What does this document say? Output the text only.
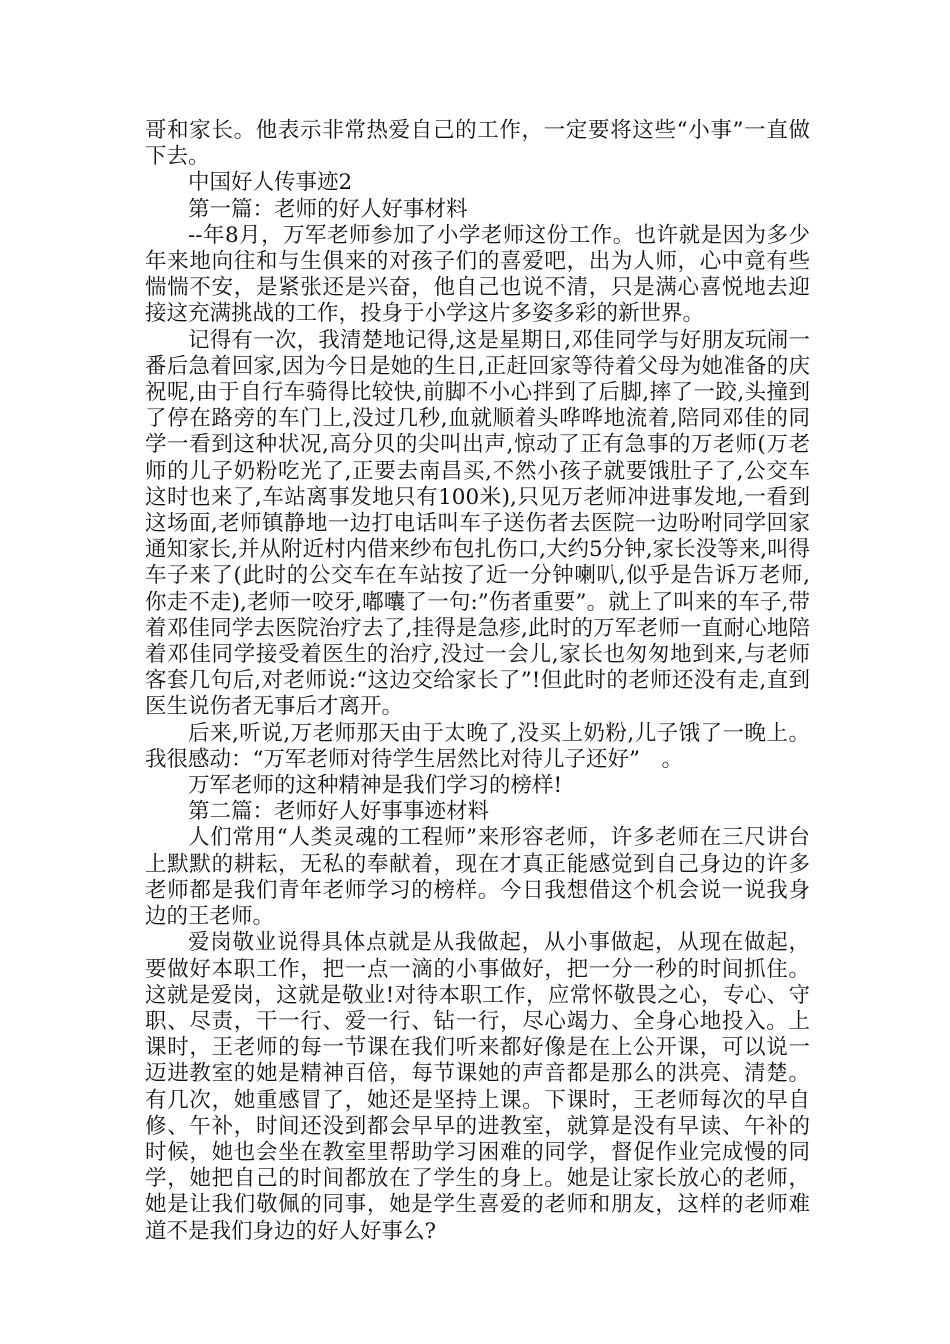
哥和家长。他表示非常热爱自己的工作，一定要将这些“小事”一直做下去。

中国好人传事迹2

第一篇：老师的好人好事材料

--年8月，万军老师参加了小学老师这份工作。也许就是因为多少年来地向往和与生俱来的对孩子们的喜爱吧，出为人师，心中竟有些惴惴不安，是紧张还是兴奋，他自己也说不清，只是满心喜悦地去迎接这充满挑战的工作，投身于小学这片多姿多彩的新世界。

记得有一次，我清楚地记得,这是星期日,邓佳同学与好朋友玩闹一番后急着回家,因为今日是她的生日,正赶回家等待着父母为她准备的庆祝呢,由于自行车骑得比较快,前脚不小心拌到了后脚,摔了一跤,头撞到了停在路旁的车门上,没过几秒,血就顺着头哗哗地流着,陪同邓佳的同学一看到这种状况,高分贝的尖叫出声,惊动了正有急事的万老师(万老师的儿子奶粉吃光了,正要去南昌买,不然小孩子就要饿肚子了,公交车这时也来了,车站离事发地只有100米),只见万老师冲进事发地,一看到这场面,老师镇静地一边打电话叫车子送伤者去医院一边吩咐同学回家通知家长,并从附近村内借来纱布包扎伤口,大约5分钟,家长没等来,叫得车子来了(此时的公交车在车站按了近一分钟喇叭,似乎是告诉万老师,你走不走),老师一咬牙,嘟囔了一句:”伤者重要”。就上了叫来的车子,带着邓佳同学去医院治疗去了,挂得是急疹,此时的万军老师一直耐心地陪着邓佳同学接受着医生的治疗,没过一会儿,家长也匆匆地到来,与老师客套几句后,对老师说:“这边交给家长了”!但此时的老师还没有走,直到医生说伤者无事后才离开。

后来,听说,万老师那天由于太晚了,没买上奶粉,儿子饿了一晚上。我很感动：“万军老师对待学生居然比对待儿子还好”　。

万军老师的这种精神是我们学习的榜样!

第二篇：老师好人好事事迹材料

人们常用“人类灵魂的工程师”来形容老师，许多老师在三尺讲台上默默的耕耘，无私的奉献着，现在才真正能感觉到自己身边的许多老师都是我们青年老师学习的榜样。今日我想借这个机会说一说我身边的王老师。

爱岗敬业说得具体点就是从我做起，从小事做起，从现在做起，要做好本职工作，把一点一滴的小事做好，把一分一秒的时间抓住。这就是爱岗，这就是敬业!对待本职工作，应常怀敬畏之心，专心、守职、尽责，干一行、爱一行、钻一行，尽心竭力、全身心地投入。上课时，王老师的每一节课在我们听来都好像是在上公开课，可以说一迈进教室的她是精神百倍，每节课她的声音都是那么的洪亮、清楚。有几次，她重感冒了，她还是坚持上课。下课时，王老师每次的早自修、午补，时间还没到都会早早的进教室，就算是没有早读、午补的时候，她也会坐在教室里帮助学习困难的同学，督促作业完成慢的同学，她把自己的时间都放在了学生的身上。她是让家长放心的老师，她是让我们敬佩的同事，她是学生喜爱的老师和朋友，这样的老师难道不是我们身边的好人好事么?
